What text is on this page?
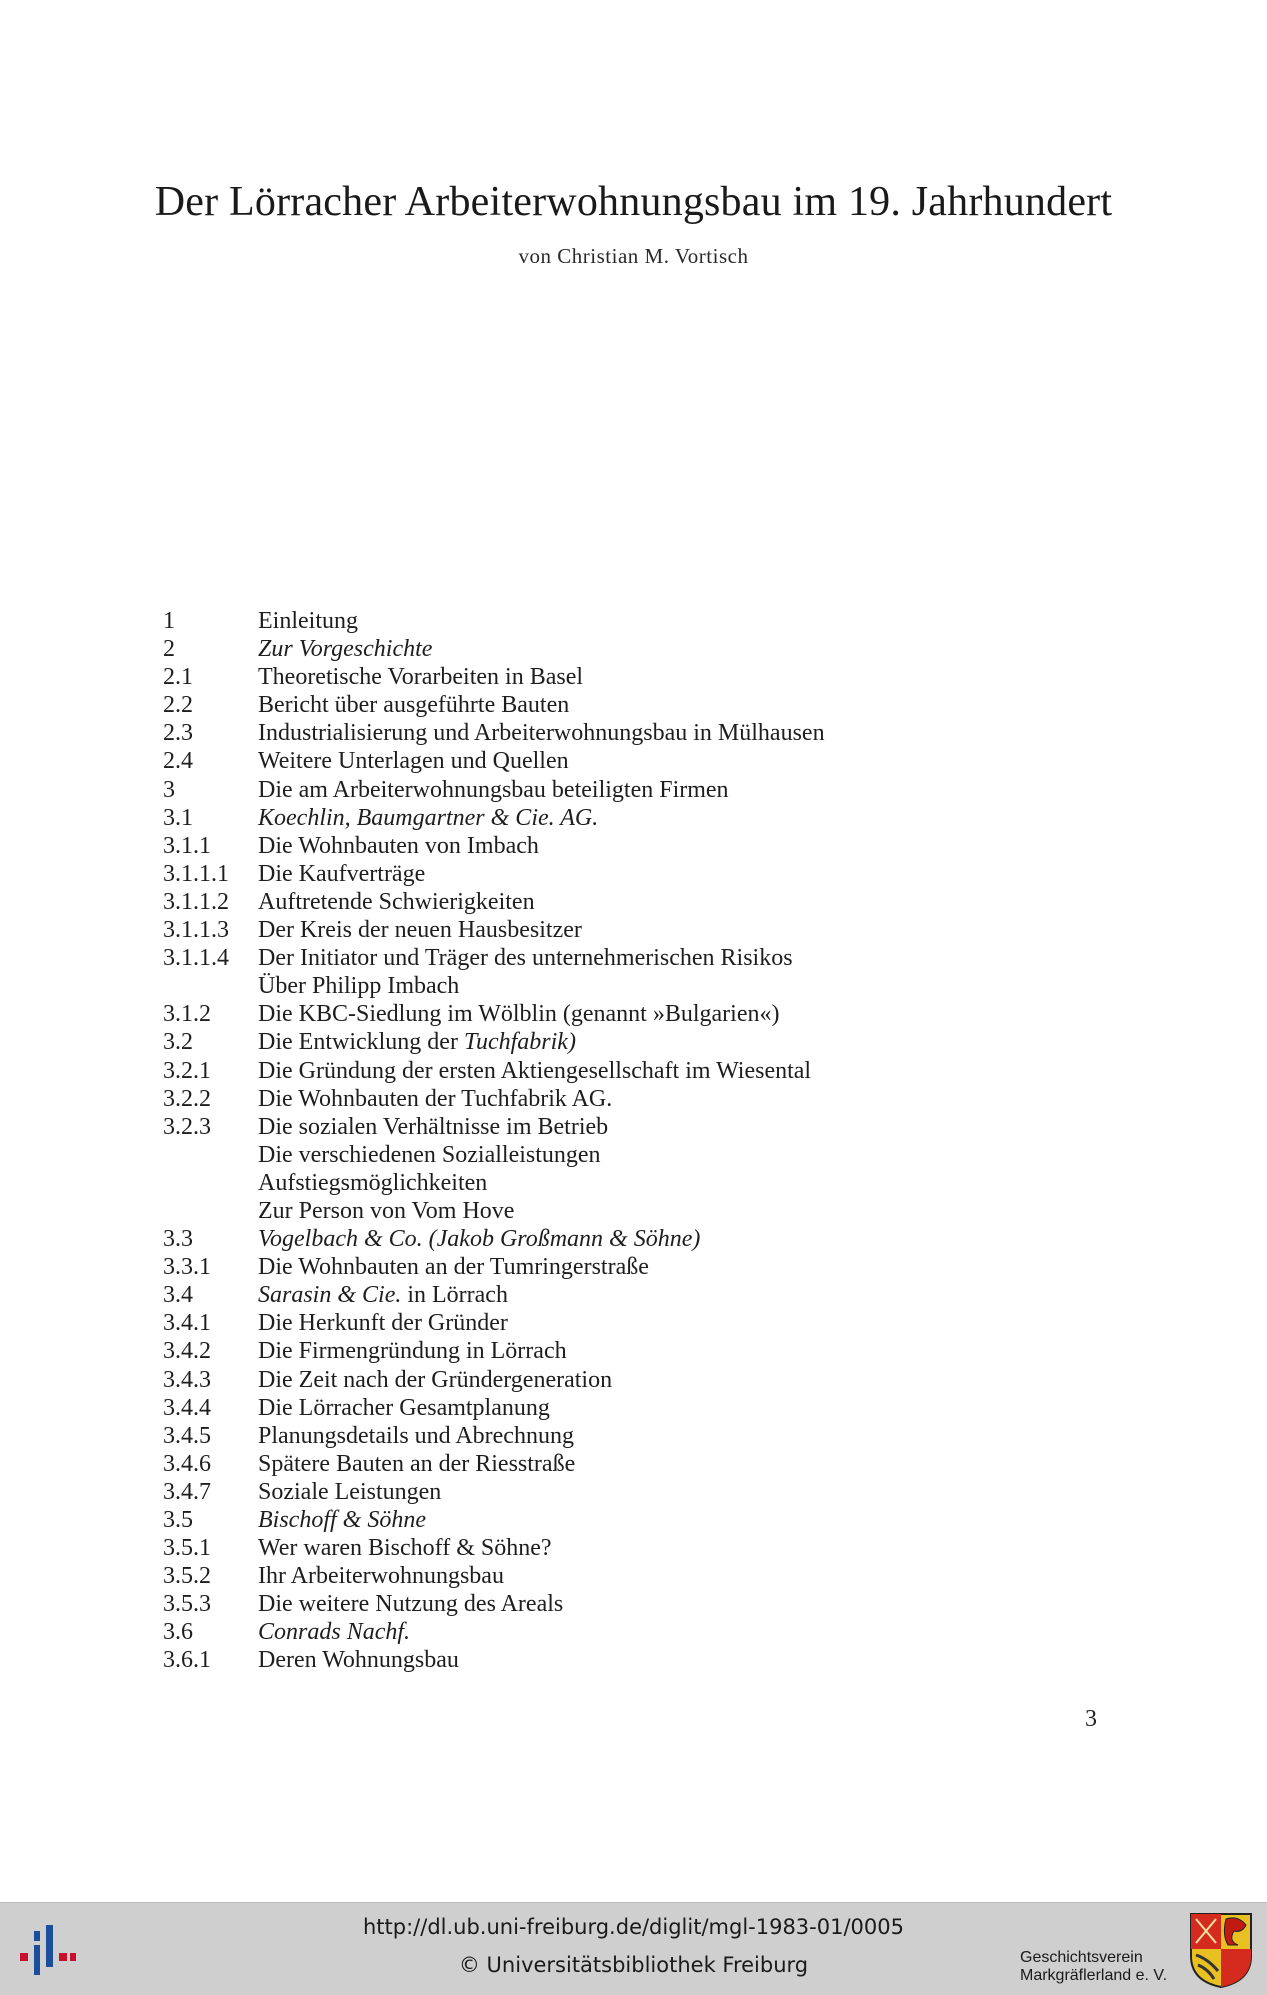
Der Lörracher Arbeiterwohnungsbau im 19. Jahrhundert
von Christian M. Vortisch
1	Einleitung
2	Zur Vorgeschichte
2.1	Theoretische Vorarbeiten in Basel
2.2	Bericht über ausgeführte Bauten
2.3	Industrialisierung und Arbeiterwohnungsbau in Mülhausen
2.4	Weitere Unterlagen und Quellen
3	Die am Arbeiterwohnungsbau beteiligten Firmen
3.1	Koechlin, Baumgartner & Cie. AG.
3.1.1	Die Wohnbauten von Imbach
3.1.1.1	Die Kaufverträge
3.1.1.2	Auftretende Schwierigkeiten
3.1.1.3	Der Kreis der neuen Hausbesitzer
3.1.1.4	Der Initiator und Träger des unternehmerischen Risikos
Über Philipp Imbach
3.1.2	Die KBC-Siedlung im Wölblin (genannt »Bulgarien«)
3.2	Die Entwicklung der Tuchfabrik)
3.2.1	Die Gründung der ersten Aktiengesellschaft im Wiesental
3.2.2	Die Wohnbauten der Tuchfabrik AG.
3.2.3	Die sozialen Verhältnisse im Betrieb
Die verschiedenen Sozialleistungen
Aufstiegsmöglichkeiten
Zur Person von Vom Hove
3.3	Vogelbach & Co. (Jakob Großmann & Söhne)
3.3.1	Die Wohnbauten an der Tumringerstraße
3.4	Sarasin & Cie. in Lörrach
3.4.1	Die Herkunft der Gründer
3.4.2	Die Firmengründung in Lörrach
3.4.3	Die Zeit nach der Gründergeneration
3.4.4	Die Lörracher Gesamtplanung
3.4.5	Planungsdetails und Abrechnung
3.4.6	Spätere Bauten an der Riesstraße
3.4.7	Soziale Leistungen
3.5	Bischoff & Söhne
3.5.1	Wer waren Bischoff & Söhne?
3.5.2	Ihr Arbeiterwohnungsbau
3.5.3	Die weitere Nutzung des Areals
3.6	Conrads Nachf.
3.6.1	Deren Wohnungsbau
3
http://dl.ub.uni-freiburg.de/diglit/mgl-1983-01/0005
© Universitätsbibliothek Freiburg	Geschichtsverein
Markgräflerland e. V.
